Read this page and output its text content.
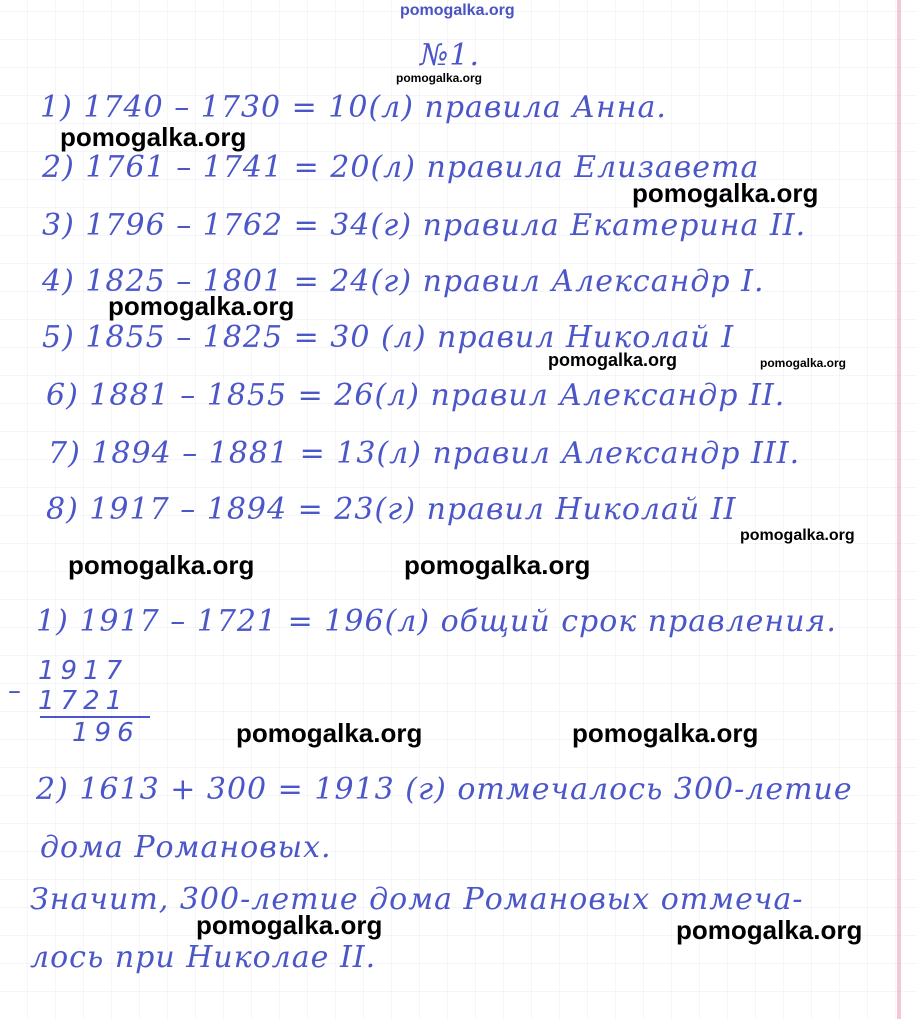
pomogalka.org
№1.
1) 1740 – 1730 = 10(л) правила Анна.
2) 1761 – 1741 = 20(л) правила Елизавета
3) 1796 – 1762 = 34(г) правила Екатерина II.
4) 1825 – 1801 = 24(г) правил Александр I.
5) 1855 – 1825 = 30 (л) правил Николай I
6) 1881 – 1855 = 26(л) правил Александр II.
7) 1894 – 1881 = 13(л) правил Александр III.
8) 1917 – 1894 = 23(г) правил Николай II
1) 1917 – 1721 = 196(л) общий срок правления.
–
1917
1721
196
2) 1613 + 300 = 1913 (г) отмечалось 300-летие
дома Романовых.
Значит, 300-летие дома Романовых отмеча-
лось при Николае II.
pomogalka.org
pomogalka.org
pomogalka.org
pomogalka.org
pomogalka.org	pomogalka.org
pomogalka.org
pomogalka.org	pomogalka.org
pomogalka.org	pomogalka.org
pomogalka.org	pomogalka.org
